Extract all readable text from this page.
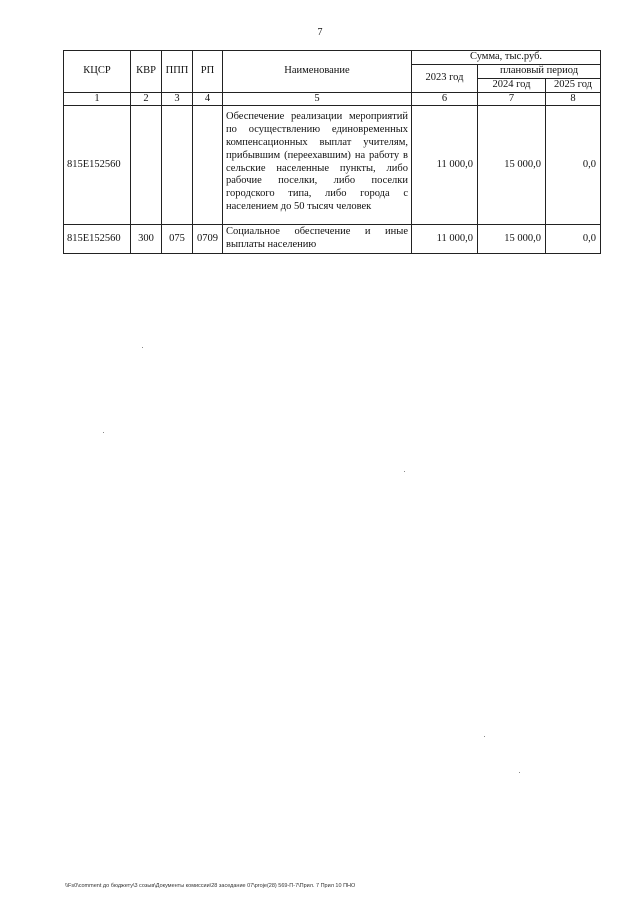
7
КЦСР	КВР	ППП	РП	Наименование	Сумма, тыс.руб.		
					2023 год	плановый период	
						2024 год	2025 год
1	2	3	4	5	6	7	8
815E152560				Обеспечение реализации мероприятий по осуществлению единовременных компенсационных выплат учителям, прибывшим (переехавшим) на работу в сельские населенные пункты, либо рабочие поселки, либо поселки городского типа, либо города с населением до 50 тысяч человек	11 000,0	15 000,0	0,0
815E152560	300	075	0709	Социальное обеспечение и иные выплаты населению	11 000,0	15 000,0	0,0
\\Fs0\comment до бюджету\3 созыв\Документы комиссии\28 заседание 07\proje(28) 569-П-7\Прил. 7 Прил 10 ПНО
